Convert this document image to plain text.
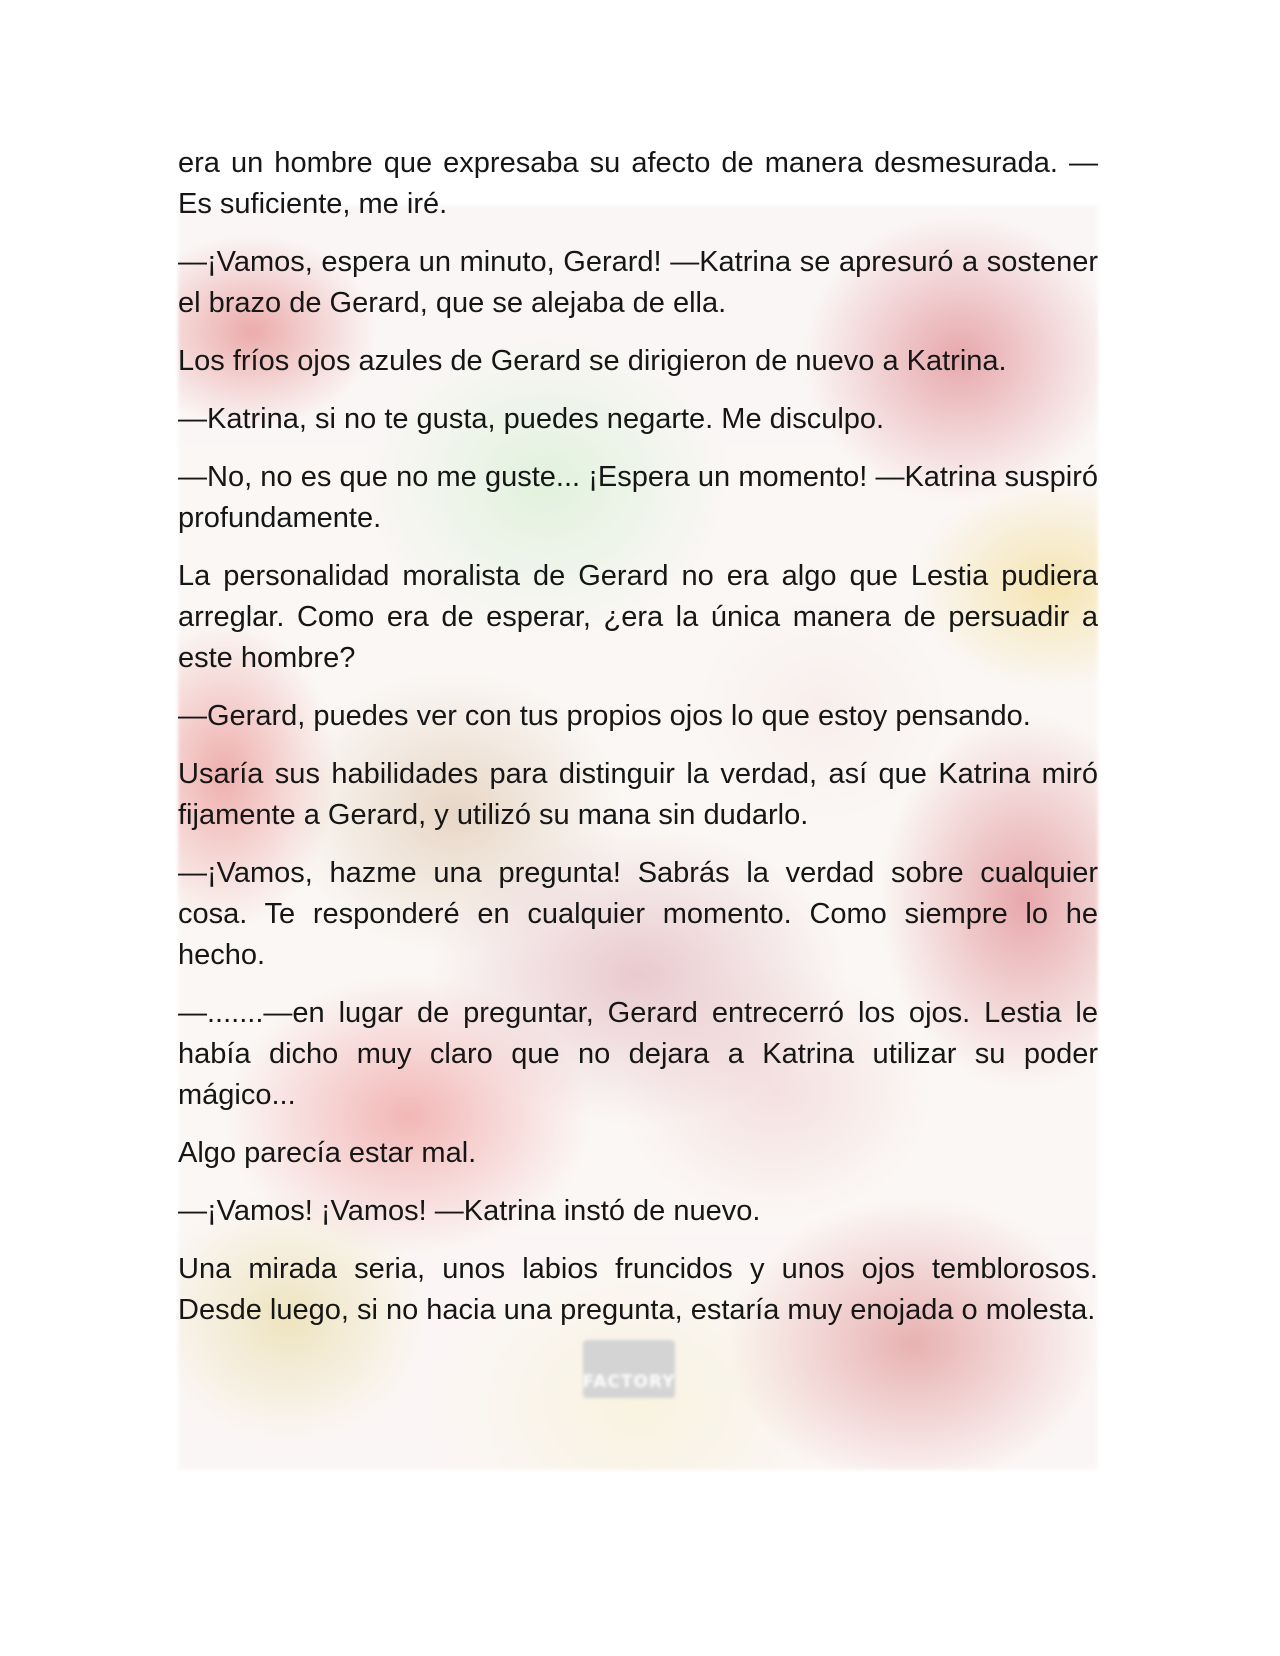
FACTORY

era un hombre que expresaba su afecto de manera desmesurada. —Es suficiente, me iré.

—¡Vamos, espera un minuto, Gerard! —Katrina se apresuró a sostener el brazo de Gerard, que se alejaba de ella.

Los fríos ojos azules de Gerard se dirigieron de nuevo a Katrina.

—Katrina, si no te gusta, puedes negarte. Me disculpo.

—No, no es que no me guste... ¡Espera un momento! —Katrina suspiró profundamente.

La personalidad moralista de Gerard no era algo que Lestia pudiera arreglar. Como era de esperar, ¿era la única manera de persuadir a este hombre?

—Gerard, puedes ver con tus propios ojos lo que estoy pensando.

Usaría sus habilidades para distinguir la verdad, así que Katrina miró fijamente a Gerard, y utilizó su mana sin dudarlo.

—¡Vamos, hazme una pregunta! Sabrás la verdad sobre cualquier cosa. Te responderé en cualquier momento. Como siempre lo he hecho.

—.......—en lugar de preguntar, Gerard entrecerró los ojos. Lestia le había dicho muy claro que no dejara a Katrina utilizar su poder mágico...

Algo parecía estar mal.

—¡Vamos! ¡Vamos! —Katrina instó de nuevo.

Una mirada seria, unos labios fruncidos y unos ojos temblorosos. Desde luego, si no hacia una pregunta, estaría muy enojada o molesta.
